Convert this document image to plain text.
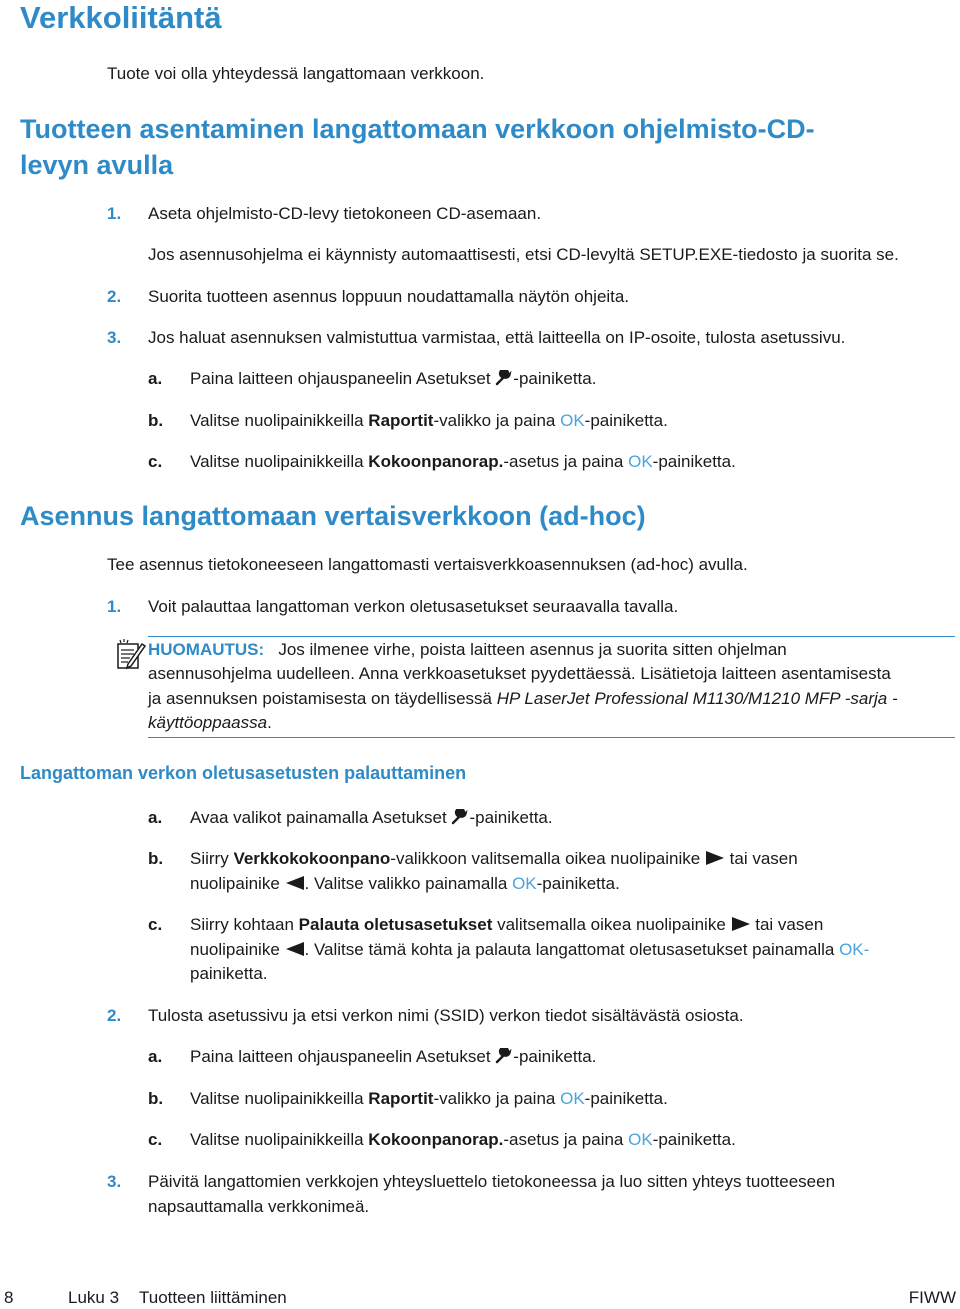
Verkkoliitäntä
Tuote voi olla yhteydessä langattomaan verkkoon.
Tuotteen asentaminen langattomaan verkkoon ohjelmisto-CD-
levyn avulla
1. Aseta ohjelmisto-CD-levy tietokoneen CD-asemaan.
Jos asennusohjelma ei käynnisty automaattisesti, etsi CD-levyltä SETUP.EXE-tiedosto ja suorita se.
2. Suorita tuotteen asennus loppuun noudattamalla näytön ohjeita.
3. Jos haluat asennuksen valmistuttua varmistaa, että laitteella on IP-osoite, tulosta asetussivu.
a. Paina laitteen ohjauspaneelin Asetukset -painiketta.
b. Valitse nuolipainikkeilla Raportit-valikko ja paina OK-painiketta.
c. Valitse nuolipainikkeilla Kokoonpanorap.-asetus ja paina OK-painiketta.
Asennus langattomaan vertaisverkkoon (ad-hoc)
Tee asennus tietokoneeseen langattomasti vertaisverkkoasennuksen (ad-hoc) avulla.
1. Voit palauttaa langattoman verkon oletusasetukset seuraavalla tavalla.
HUOMAUTUS: Jos ilmenee virhe, poista laitteen asennus ja suorita sitten ohjelman
asennusohjelma uudelleen. Anna verkkoasetukset pyydettäessä. Lisätietoja laitteen asentamisesta
ja asennuksen poistamisesta on täydellisessä HP LaserJet Professional M1130/M1210 MFP -sarja -
käyttöoppaassa.
Langattoman verkon oletusasetusten palauttaminen
a. Avaa valikot painamalla Asetukset -painiketta.
b. Siirry Verkkokokoonpano-valikkoon valitsemalla oikea nuolipainike  tai vasen
nuolipainike . Valitse valikko painamalla OK-painiketta.
c. Siirry kohtaan Palauta oletusasetukset valitsemalla oikea nuolipainike  tai vasen
nuolipainike . Valitse tämä kohta ja palauta langattomat oletusasetukset painamalla OK-
painiketta.
2. Tulosta asetussivu ja etsi verkon nimi (SSID) verkon tiedot sisältävästä osiosta.
a. Paina laitteen ohjauspaneelin Asetukset -painiketta.
b. Valitse nuolipainikkeilla Raportit-valikko ja paina OK-painiketta.
c. Valitse nuolipainikkeilla Kokoonpanorap.-asetus ja paina OK-painiketta.
3. Päivitä langattomien verkkojen yhteysluettelo tietokoneessa ja luo sitten yhteys tuotteeseen
napsauttamalla verkkonimeä.
8	Luku 3 Tuotteen liittäminen	FIWW
